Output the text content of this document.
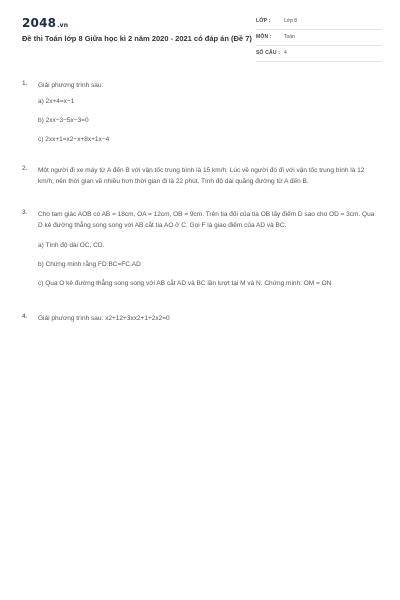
2048.vn
Đề thi Toán lớp 8 Giữa học kì 2 năm 2020 - 2021 có đáp án (Đề 7)
LỚP :	Lớp 8
MÔN : Toán
SỐ CÂU : 4
1. Giải phương trình sau:
a) 2x+4=x−1
b) 2xx−3−5x−3=0
c) 2xx+1=x2−x+8x+1x−4
2. Một người đi xe máy từ A đến B với vận tốc trung bình là 15 km/h. Lúc về người đó đi với vận tốc trung bình là 12 km/h, nên thời gian về nhiều hơn thời gian đi là 22 phút. Tính độ dài quãng đường từ A đến B.
3. Cho tam giác AOB có AB = 18cm, OA = 12cm, OB = 9cm. Trên tia đối của tia OB lấy điểm D sao cho OD = 3cm. Qua D kẻ đường thẳng song song với AB cắt tia AO ở C. Gọi F là giao điểm của AD và BC.
a) Tính độ dài OC, CD.
b) Chứng minh rằng FD.BC=FC.AD
c) Qua O kẻ đường thẳng song song với AB cắt AD và BC lần lượt tại M và N. Chứng minh: OM = ON
4. Giải phương trình sau: x2+12+3xx2+1+2x2=0
